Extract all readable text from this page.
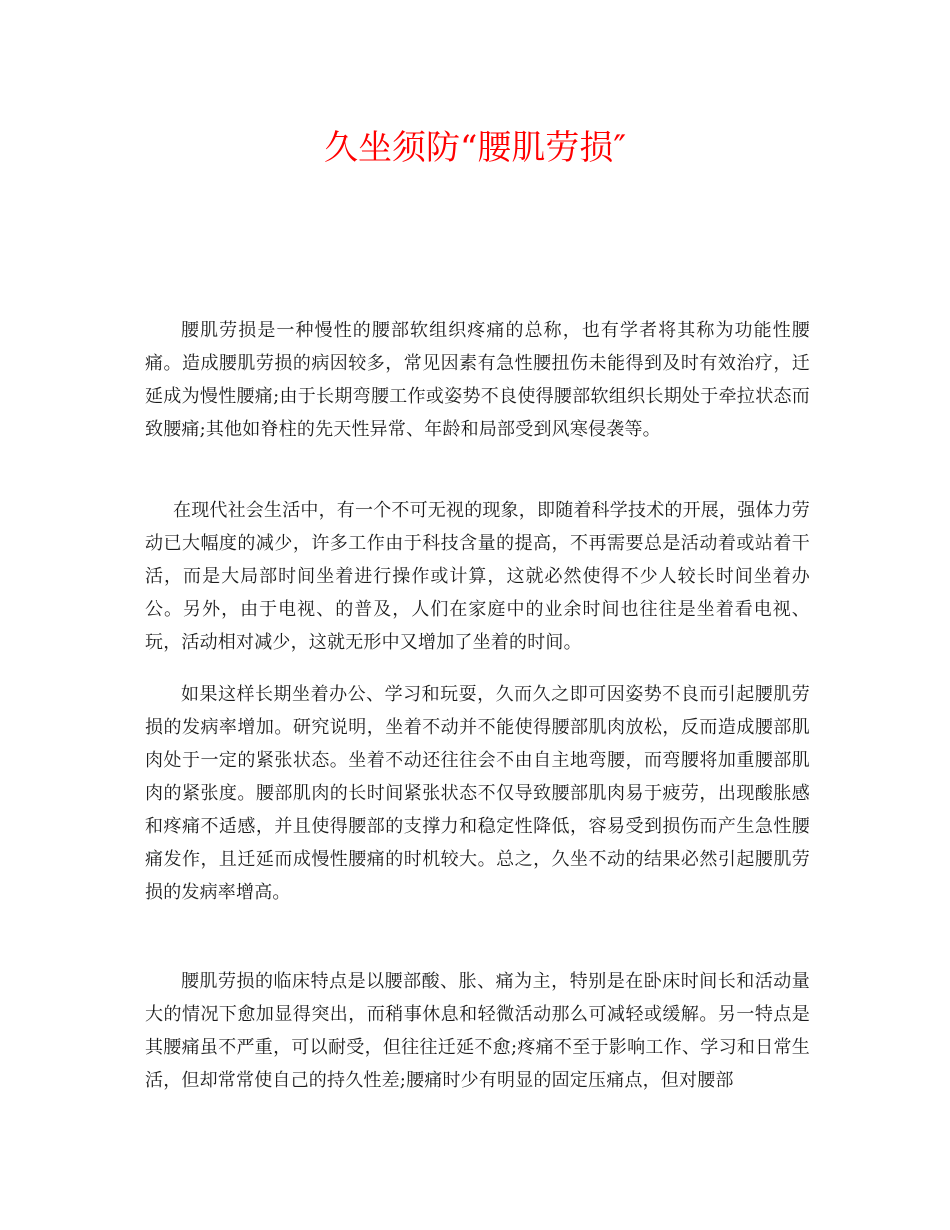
久坐须防“腰肌劳损″

腰肌劳损是一种慢性的腰部软组织疼痛的总称，也有学者将其称为功能性腰痛。造成腰肌劳损的病因较多，常见因素有急性腰扭伤未能得到及时有效治疗，迁延成为慢性腰痛;由于长期弯腰工作或姿势不良使得腰部软组织长期处于牵拉状态而致腰痛;其他如脊柱的先天性异常、年龄和局部受到风寒侵袭等。

在现代社会生活中，有一个不可无视的现象，即随着科学技术的开展，强体力劳动已大幅度的减少，许多工作由于科技含量的提高，不再需要总是活动着或站着干活，而是大局部时间坐着进行操作或计算，这就必然使得不少人较长时间坐着办公。另外，由于电视、的普及，人们在家庭中的业余时间也往往是坐着看电视、玩，活动相对减少，这就无形中又增加了坐着的时间。

如果这样长期坐着办公、学习和玩耍，久而久之即可因姿势不良而引起腰肌劳损的发病率增加。研究说明，坐着不动并不能使得腰部肌肉放松，反而造成腰部肌肉处于一定的紧张状态。坐着不动还往往会不由自主地弯腰，而弯腰将加重腰部肌肉的紧张度。腰部肌肉的长时间紧张状态不仅导致腰部肌肉易于疲劳，出现酸胀感和疼痛不适感，并且使得腰部的支撑力和稳定性降低，容易受到损伤而产生急性腰痛发作，且迁延而成慢性腰痛的时机较大。总之，久坐不动的结果必然引起腰肌劳损的发病率增高。

腰肌劳损的临床特点是以腰部酸、胀、痛为主，特别是在卧床时间长和活动量大的情况下愈加显得突出，而稍事休息和轻微活动那么可减轻或缓解。另一特点是其腰痛虽不严重，可以耐受，但往往迁延不愈;疼痛不至于影响工作、学习和日常生活，但却常常使自己的持久性差;腰痛时少有明显的固定压痛点，但对腰部
